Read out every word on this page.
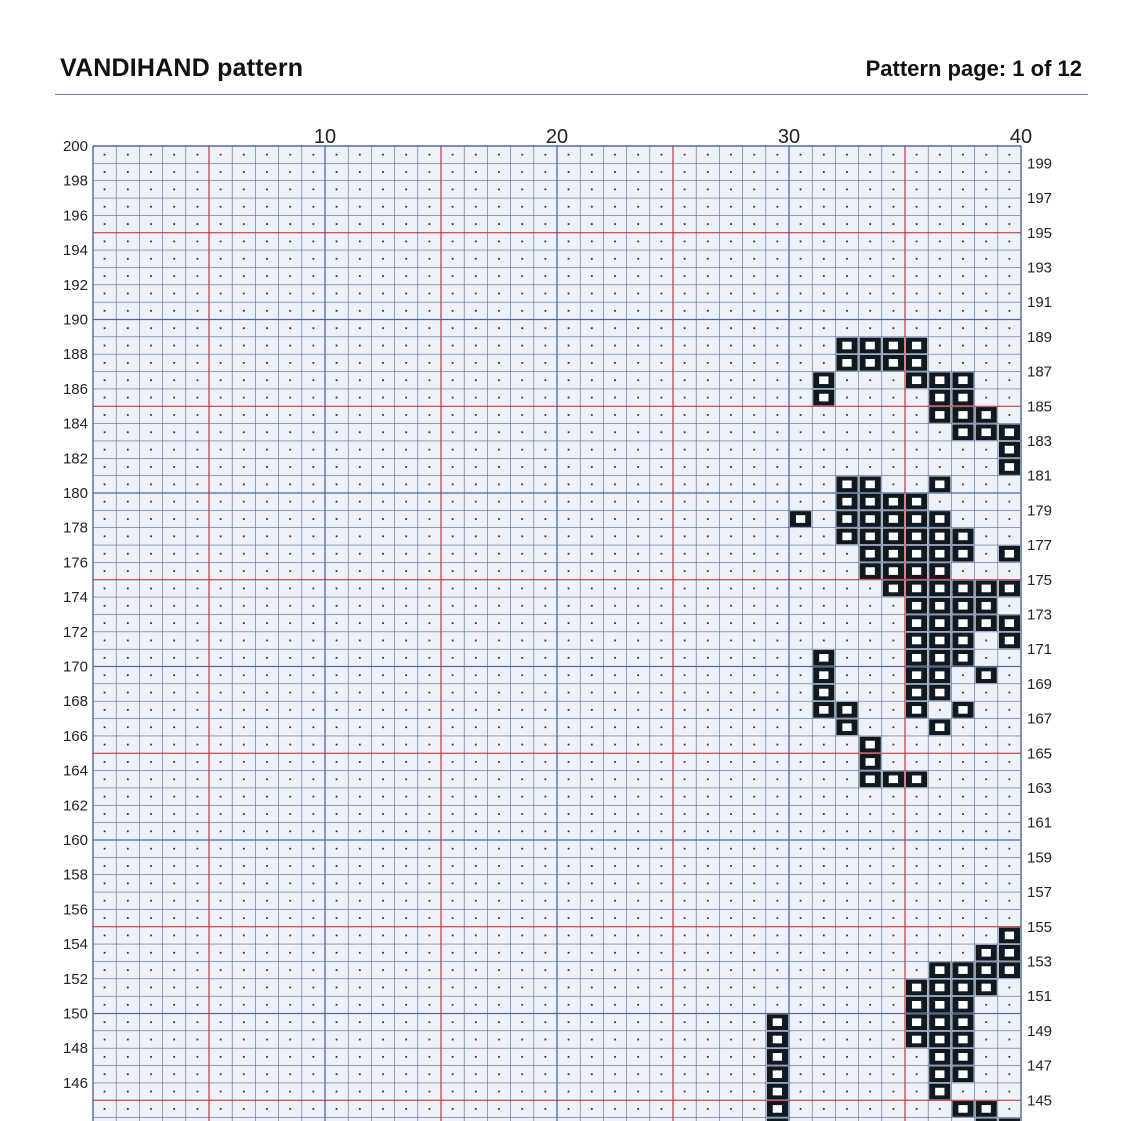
VANDIHAND pattern	Pattern page: 1 of 12
10	20	30	40
200
198
196
194
192
190
188
186
184
182
180
178
176
174
172
170
168
166
164
162
160
158
156
154
152
150
148
146
199
197
195
193
191
189
187
185
183
181
179
177
175
173
171
169
167
165
163
161
159
157
155
153
151
149
147
145
